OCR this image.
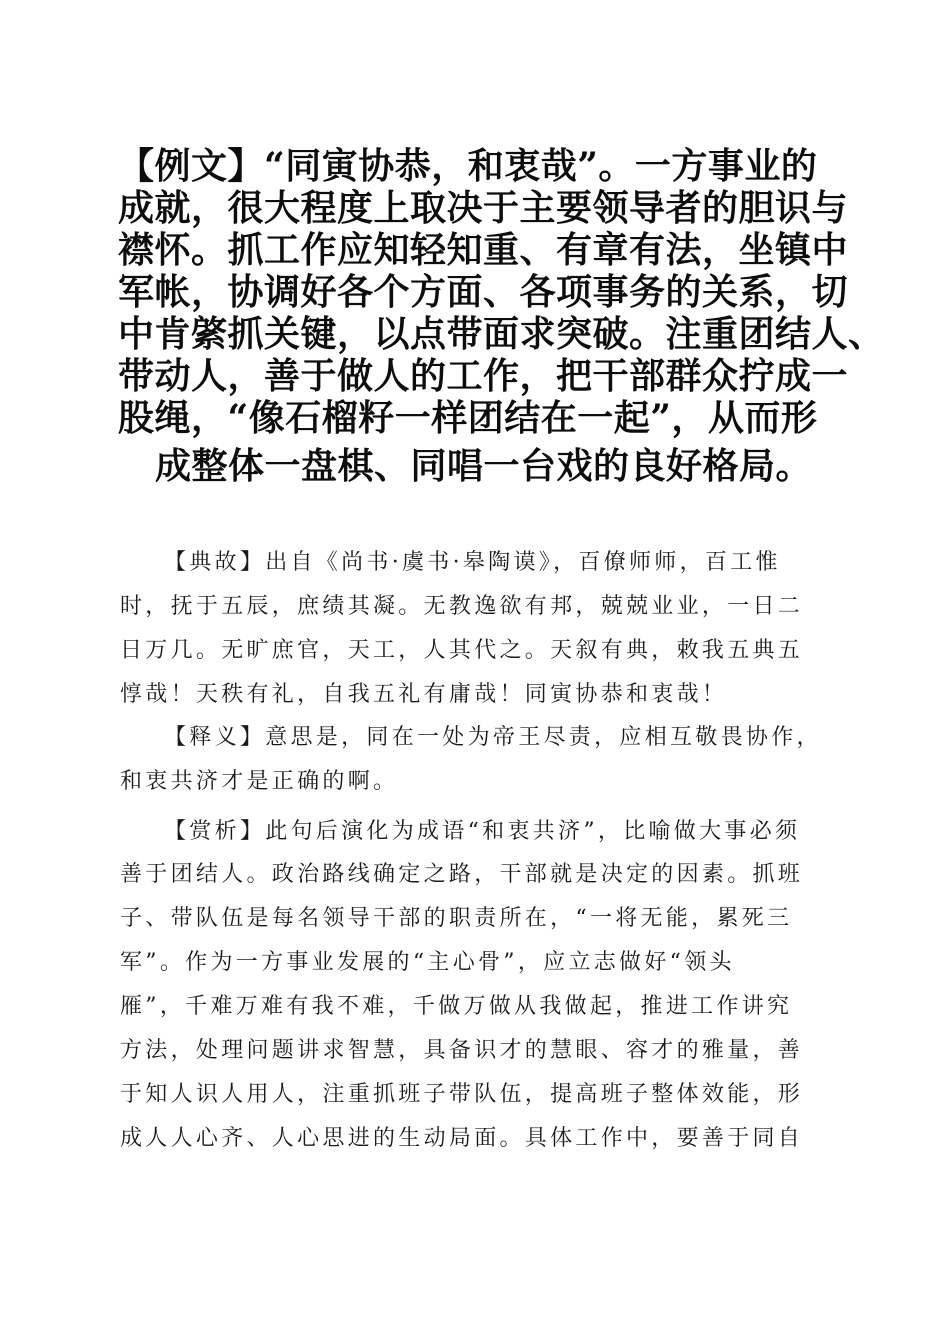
【例文】“同寅协恭，和衷哉”。一方事业的
成就，很大程度上取决于主要领导者的胆识与
襟怀。抓工作应知轻知重、有章有法，坐镇中
军帐，协调好各个方面、各项事务的关系，切
中肯綮抓关键，以点带面求突破。注重团结人、
带动人，善于做人的工作，把干部群众拧成一
股绳，“像石榴籽一样团结在一起”，从而形
成整体一盘棋、同唱一台戏的良好格局。
【典故】出自《尚书·虞书·皋陶谟》，百僚师师，百工惟
时，抚于五辰，庶绩其凝。无教逸欲有邦，兢兢业业，一日二
日万几。无旷庶官，天工，人其代之。天叙有典，敕我五典五
惇哉！天秩有礼，自我五礼有庸哉！同寅协恭和衷哉！
【释义】意思是，同在一处为帝王尽责，应相互敬畏协作，
和衷共济才是正确的啊。
【赏析】此句后演化为成语“和衷共济”，比喻做大事必须
善于团结人。政治路线确定之路，干部就是决定的因素。抓班
子、带队伍是每名领导干部的职责所在，“一将无能，累死三
军”。作为一方事业发展的“主心骨”，应立志做好“领头
雁”，千难万难有我不难，千做万做从我做起，推进工作讲究
方法，处理问题讲求智慧，具备识才的慧眼、容才的雅量，善
于知人识人用人，注重抓班子带队伍，提高班子整体效能，形
成人人心齐、人心思进的生动局面。具体工作中，要善于同自
